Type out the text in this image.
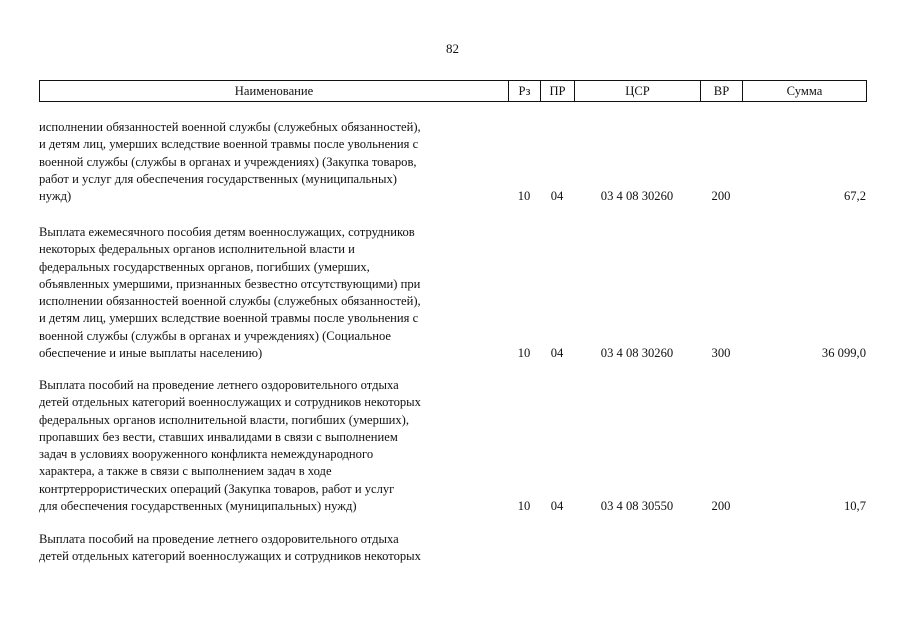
82
Наименование	Рз	ПР	ЦСР	ВР	Сумма
исполнении обязанностей военной службы (служебных обязанностей),
и детям лиц, умерших вследствие военной травмы после увольнения с
военной службы (службы в органах и учреждениях) (Закупка товаров,
работ и услуг для обеспечения государственных (муниципальных)
нужд)	10	04	03 4 08 30260	200	67,2
Выплата ежемесячного пособия детям военнослужащих, сотрудников
некоторых федеральных органов исполнительной власти и
федеральных государственных органов, погибших (умерших,
объявленных умершими, признанных безвестно отсутствующими) при
исполнении обязанностей военной службы (служебных обязанностей),
и детям лиц, умерших вследствие военной травмы после увольнения с
военной службы (службы в органах и учреждениях) (Социальное
обеспечение и иные выплаты населению)	10	04	03 4 08 30260	300	36 099,0
Выплата пособий на проведение летнего оздоровительного отдыха
детей отдельных категорий военнослужащих и сотрудников некоторых
федеральных органов исполнительной власти, погибших (умерших),
пропавших без вести, ставших инвалидами в связи с выполнением
задач в условиях вооруженного конфликта немеждународного
характера, а также в связи с выполнением задач в ходе
контртеррористических операций (Закупка товаров, работ и услуг
для обеспечения государственных (муниципальных) нужд)	10	04	03 4 08 30550	200	10,7
Выплата пособий на проведение летнего оздоровительного отдыха
детей отдельных категорий военнослужащих и сотрудников некоторых
